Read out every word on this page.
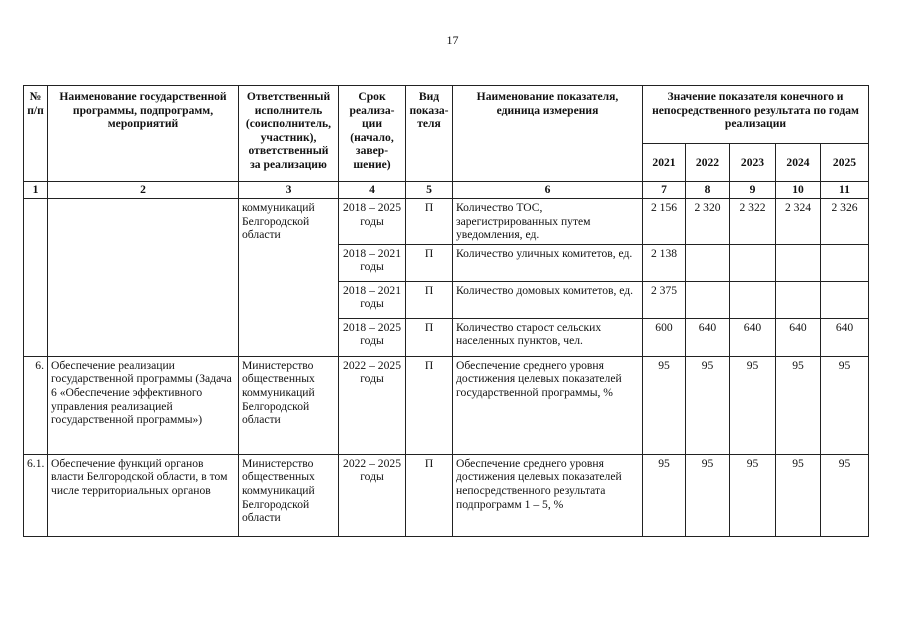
17
№ п/п	Наименование государственной программы, подпрограмм, мероприятий	Ответственный исполнитель (соисполнитель, участник), ответственный за реализацию	Срок реализа-ции (начало, завер-шение)	Вид показа-теля	Наименование показателя, единица измерения	Значение показателя конечного и непосредственного результата по годам реализации				
						2021	2022	2023	2024	2025
1	2	3	4	5	6	7	8	9	10	11
		коммуникаций Белгородской области	2018 – 2025 годы	П	Количество ТОС, зарегистрированных путем уведомления, ед.	2 156	2 320	2 322	2 324	2 326
			2018 – 2021 годы	П	Количество уличных комитетов, ед.	2 138				
			2018 – 2021 годы	П	Количество домовых комитетов, ед.	2 375				
			2018 – 2025 годы	П	Количество старост сельских населенных пунктов, чел.	600	640	640	640	640
6.	Обеспечение реализации государственной программы (Задача 6 «Обеспечение эффективного управления реализацией государственной программы»)	Министерство общественных коммуникаций Белгородской области	2022 – 2025 годы	П	Обеспечение среднего уровня достижения целевых показателей государственной программы, %	95	95	95	95	95
6.1.	Обеспечение функций органов власти Белгородской области, в том числе территориальных органов	Министерство общественных коммуникаций Белгородской области	2022 – 2025 годы	П	Обеспечение среднего уровня достижения целевых показателей непосредственного результата подпрограмм 1 – 5, %	95	95	95	95	95
